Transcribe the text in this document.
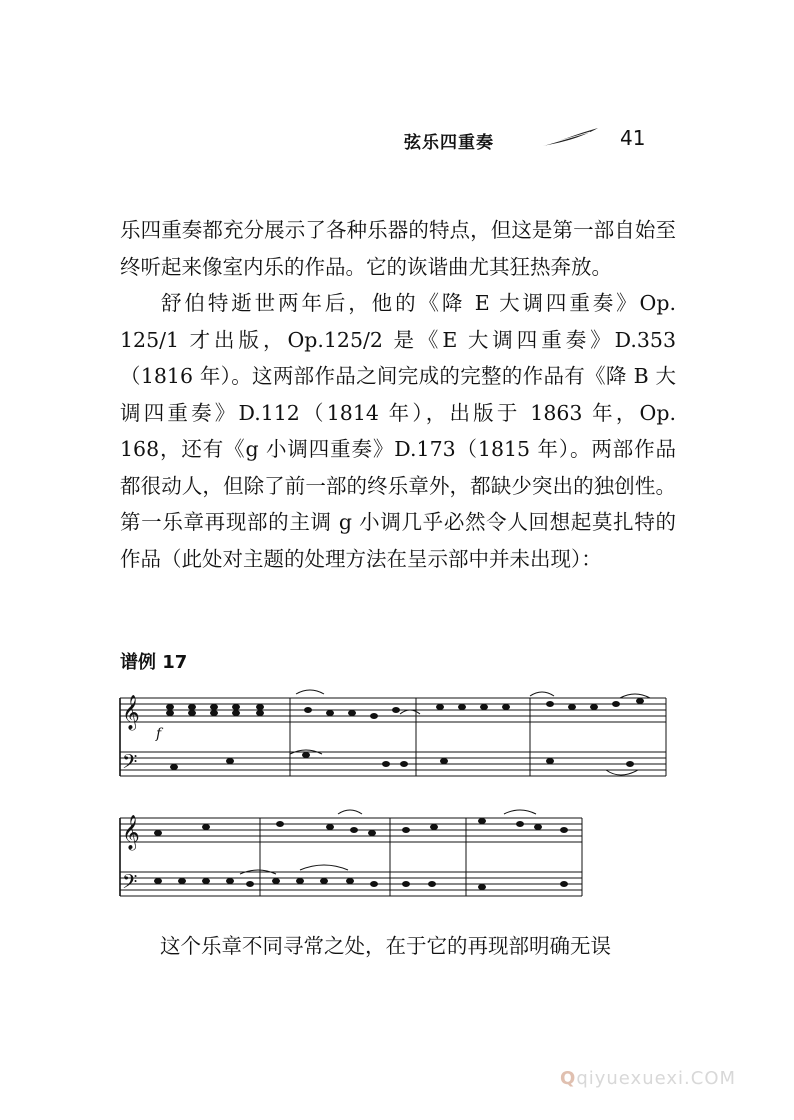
弦乐四重奏	41

乐四重奏都充分展示了各种乐器的特点，但这是第一部自始至终听起来像室内乐的作品。它的诙谐曲尤其狂热奔放。

舒伯特逝世两年后，他的《降 E 大调四重奏》Op. 125/1 才出版，Op.125/2 是《E 大调四重奏》D.353（1816 年）。这两部作品之间完成的完整的作品有《降 B 大调四重奏》D.112（1814 年），出版于 1863 年，Op. 168，还有《g 小调四重奏》D.173（1815 年）。两部作品都很动人，但除了前一部的终乐章外，都缺少突出的独创性。第一乐章再现部的主调 g 小调几乎必然令人回想起莫扎特的作品（此处对主题的处理方法在呈示部中并未出现）：

谱例 17
𝄞
𝄢
f
𝄞
𝄢
这个乐章不同寻常之处，在于它的再现部明确无误
Qqiyuexuexi.COM
